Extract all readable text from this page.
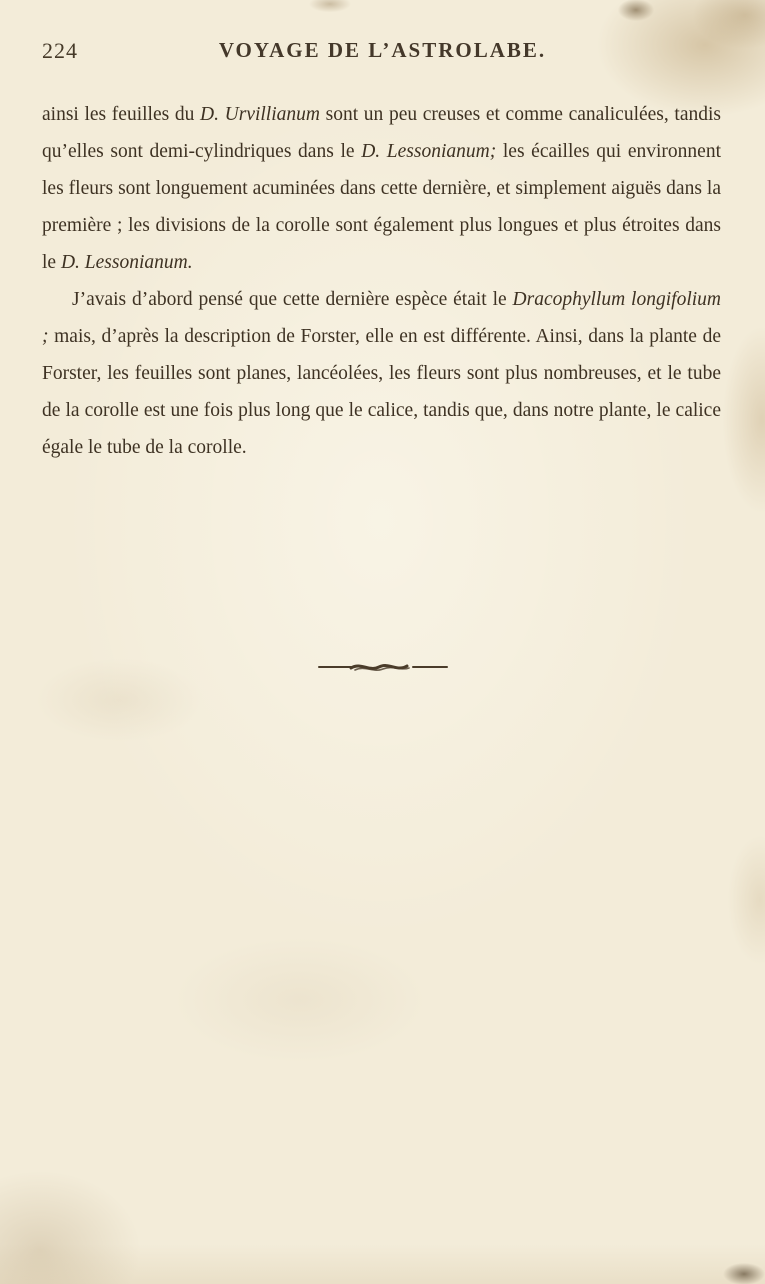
224	VOYAGE DE L’ASTROLABE.

ainsi les feuilles du D. Urvillianum sont un peu creuses et comme canaliculées, tandis qu’elles sont demi-cylindriques dans le D. Lessonianum; les écailles qui environnent les fleurs sont longuement acuminées dans cette dernière, et simplement aiguës dans la première ; les divisions de la corolle sont également plus longues et plus étroites dans le D. Lessonianum.

J’avais d’abord pensé que cette dernière espèce était le Dracophyllum longifolium ; mais, d’après la description de Forster, elle en est différente. Ainsi, dans la plante de Forster, les feuilles sont planes, lancéolées, les fleurs sont plus nombreuses, et le tube de la corolle est une fois plus long que le calice, tandis que, dans notre plante, le calice égale le tube de la corolle.
